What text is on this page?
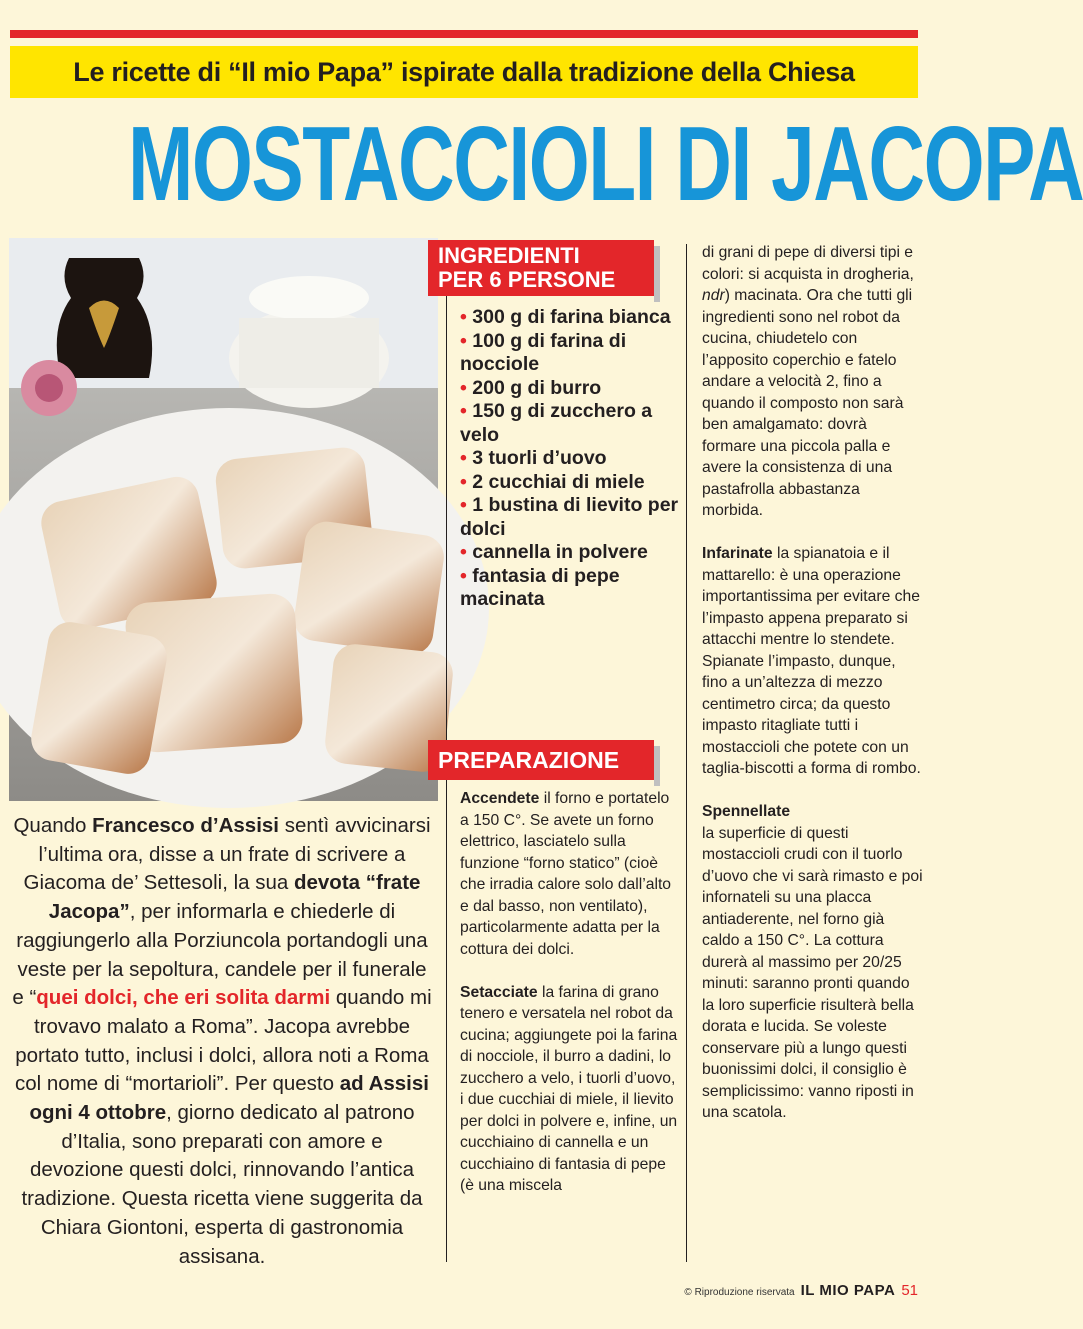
Le ricette di “Il mio Papa” ispirate dalla tradizione della Chiesa
MOSTACCIOLI DI JACOPA
Quando Francesco d’Assisi sentì avvicinarsi l’ultima ora, disse a un frate di scrivere a Giacoma de’ Settesoli, la sua devota “frate Jacopa”, per informarla e chiederle di raggiungerlo alla Porziuncola portandogli una veste per la sepoltura, candele per il funerale e “quei dolci, che eri solita darmi quando mi trovavo malato a Roma”. Jacopa avrebbe portato tutto, inclusi i dolci, allora noti a Roma col nome di “mortarioli”. Per questo ad Assisi ogni 4 ottobre, giorno dedicato al patrono d’Italia, sono preparati con amore e devozione questi dolci, rinnovando l’antica tradizione. Questa ricetta viene suggerita da Chiara Giontoni, esperta di gastronomia assisana.
INGREDIENTI
PER 6 PERSONE
• 300 g di farina bianca
• 100 g di farina di nocciole
• 200 g di burro
• 150 g di zucchero a velo
• 3 tuorli d’uovo
• 2 cucchiai di miele
• 1 bustina di lievito per dolci
• cannella in polvere
• fantasia di pepe macinata
PREPARAZIONE

Accendete il forno e portatelo a 150 C°. Se avete un forno elettrico, lasciatelo sulla funzione “forno statico” (cioè che irradia calore solo dall’alto e dal basso, non ventilato), particolarmente adatta per la cottura dei dolci.

Setacciate la farina di grano tenero e versatela nel robot da cucina; aggiungete poi la farina di nocciole, il burro a dadini, lo zucchero a velo, i tuorli d’uovo, i due cucchiai di miele, il lievito per dolci in polvere e, infine, un cucchiaino di cannella e un cucchiaino di fantasia di pepe (è una miscela

di grani di pepe di diversi tipi e colori: si acquista in drogheria, ndr) macinata. Ora che tutti gli ingredienti sono nel robot da cucina, chiudetelo con l’apposito coperchio e fatelo andare a velocità 2, fino a quando il composto non sarà ben amalgamato: dovrà formare una piccola palla e avere la consistenza di una pastafrolla abbastanza morbida.

Infarinate la spianatoia e il mattarello: è una operazione importantissima per evitare che l’impasto appena preparato si attacchi mentre lo stendete. Spianate l’impasto, dunque, fino a un’altezza di mezzo centimetro circa; da questo impasto ritagliate tutti i mostaccioli che potete con un taglia-biscotti a forma di rombo.

Spennellate
la superficie di questi mostaccioli crudi con il tuorlo d’uovo che vi sarà rimasto e poi infornateli su una placca antiaderente, nel forno già caldo a 150 C°. La cottura durerà al massimo per 20/25 minuti: saranno pronti quando la loro superficie risulterà bella dorata e lucida. Se voleste conservare più a lungo questi buonissimi dolci, il consiglio è semplicissimo: vanno riposti in una scatola.

© Riproduzione riservata IL MIO PAPA 51
